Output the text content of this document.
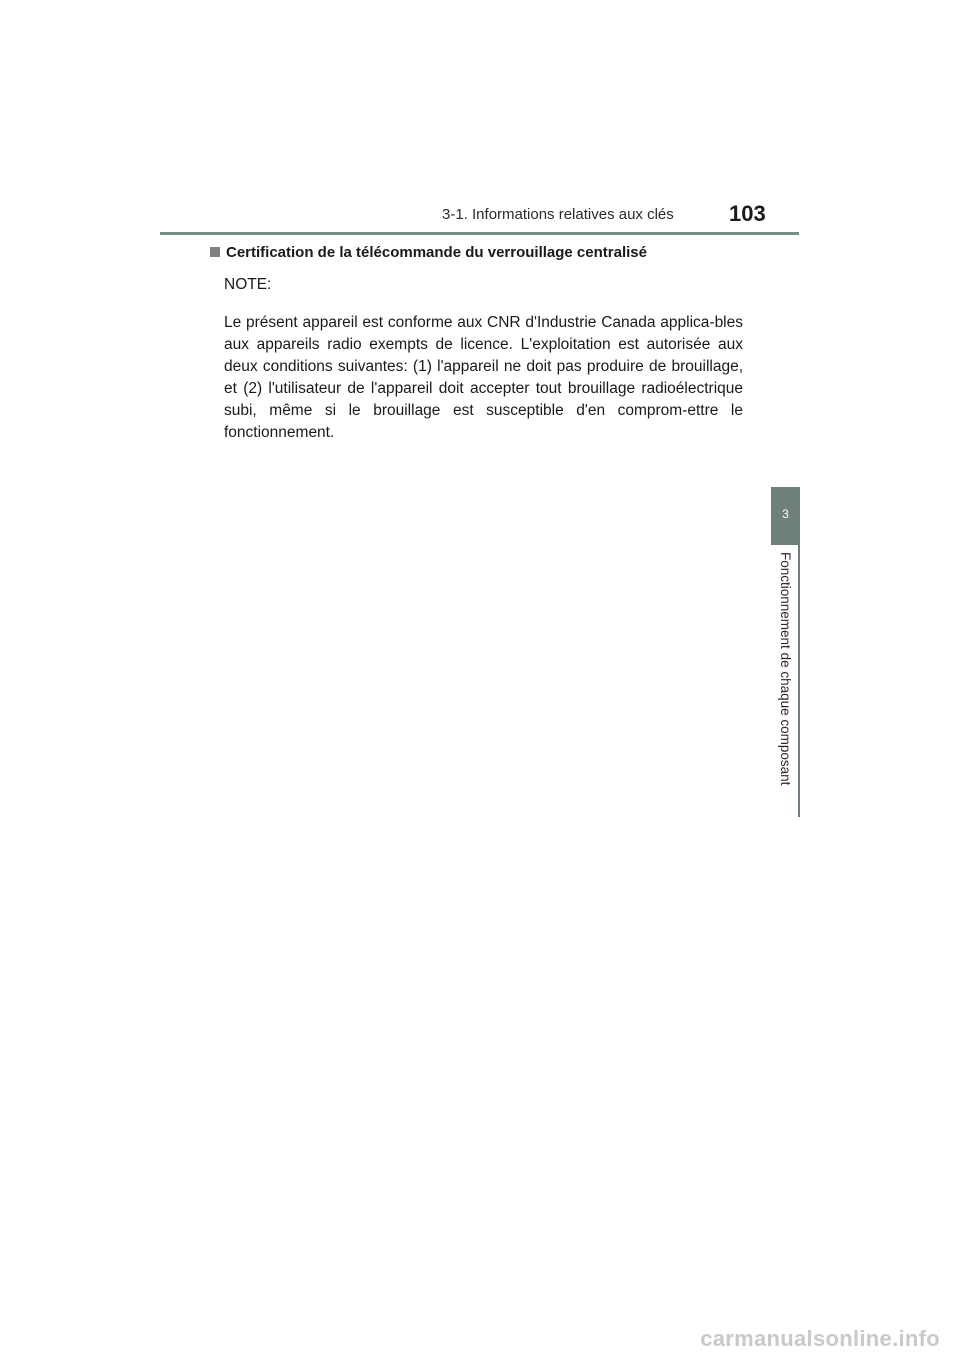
3-1. Informations relatives aux clés	103
Certification de la télécommande du verrouillage centralisé
NOTE:
Le présent appareil est conforme aux CNR d'Industrie Canada applica-bles aux appareils radio exempts de licence. L'exploitation est autorisée aux deux conditions suivantes: (1) l'appareil ne doit pas produire de brouillage, et (2) l'utilisateur de l'appareil doit accepter tout brouillage radioélectrique subi, même si le brouillage est susceptible d'en comprom-ettre le fonctionnement.
3
Fonctionnement de chaque composant
carmanualsonline.info
